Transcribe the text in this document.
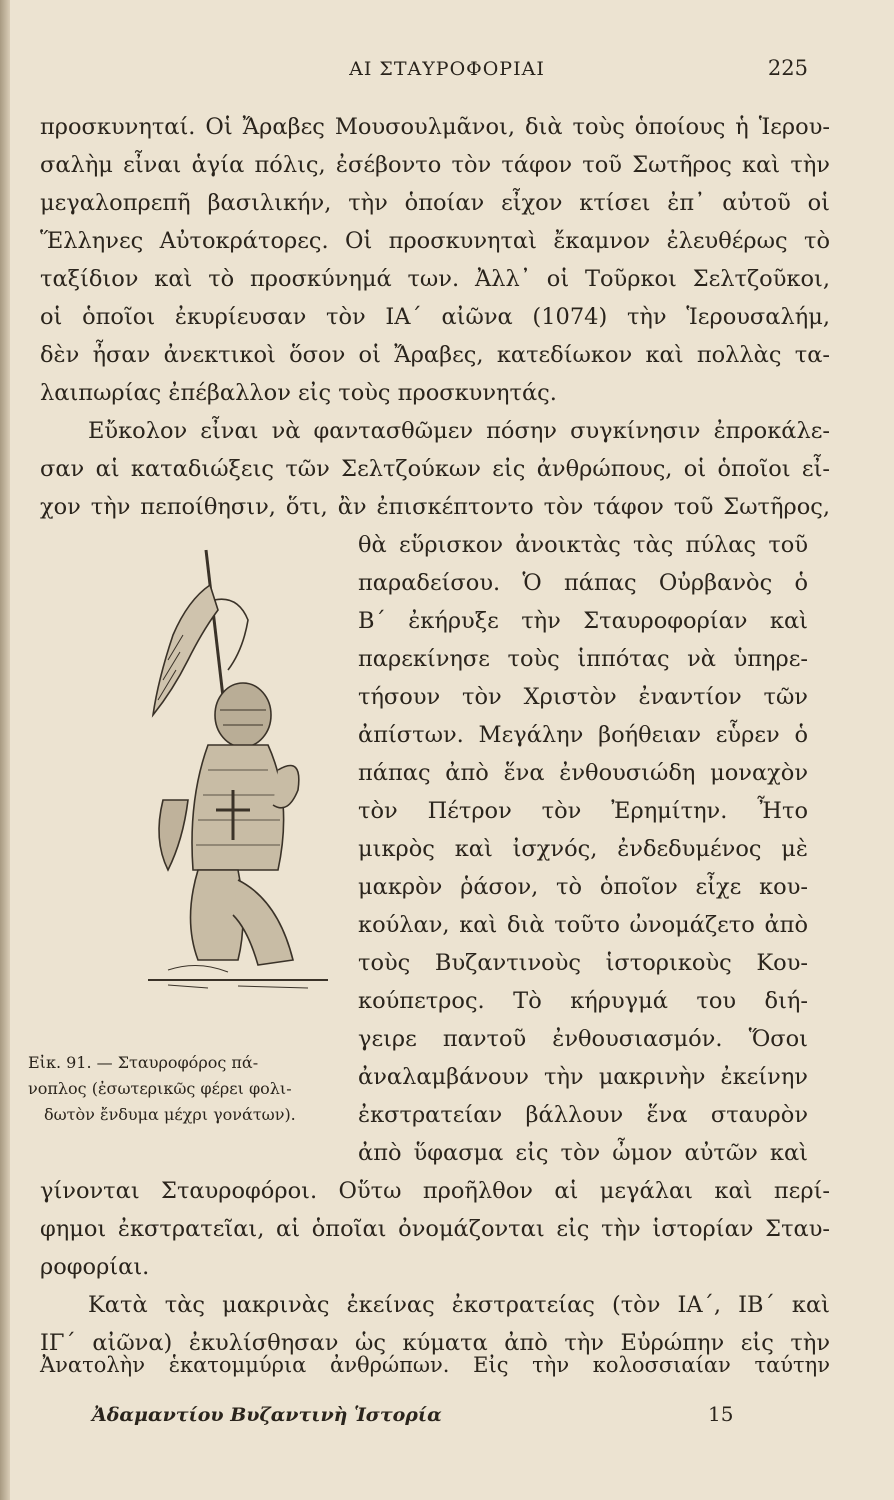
ΑΙ ΣΤΑΥΡΟΦΟΡΙΑΙ	225
προσκυνηταί. Οἱ Ἄραβες Μουσουλμᾶνοι, διὰ τοὺς ὁποίους ἡ Ἱερου-
σαλὴμ εἶναι ἁγία πόλις, ἐσέβοντο τὸν τάφον τοῦ Σωτῆρος καὶ τὴν
μεγαλοπρεπῆ βασιλικήν, τὴν ὁποίαν εἶχον κτίσει ἐπ᾽ αὐτοῦ οἱ
Ἕλληνες Αὐτοκράτορες. Οἱ προσκυνηταὶ ἔκαμνον ἐλευθέρως τὸ
ταξίδιον καὶ τὸ προσκύνημά των. Ἀλλ᾽ οἱ Τοῦρκοι Σελτζοῦκοι,
οἱ ὁποῖοι ἐκυρίευσαν τὸν ΙΑ´ αἰῶνα (1074) τὴν Ἱερουσαλήμ,
δὲν ἦσαν ἀνεκτικοὶ ὅσον οἱ Ἄραβες, κατεδίωκον καὶ πολλὰς τα-
λαιπωρίας ἐπέβαλλον εἰς τοὺς προσκυνητάς.
Εὔκολον εἶναι νὰ φαντασθῶμεν πόσην συγκίνησιν ἐπροκάλε-
σαν αἱ καταδιώξεις τῶν Σελτζούκων εἰς ἀνθρώπους, οἱ ὁποῖοι εἶ-
χον τὴν πεποίθησιν, ὅτι, ἂν ἐπισκέπτοντο τὸν τάφον τοῦ Σωτῆρος,
θὰ εὕρισκον ἀνοικτὰς τὰς πύλας τοῦ
παραδείσου. Ὁ πάπας Οὐρβανὸς ὁ
Β´ ἐκήρυξε τὴν Σταυροφορίαν καὶ
παρεκίνησε τοὺς ἱππότας νὰ ὑπηρε-
τήσουν τὸν Χριστὸν ἐναντίον τῶν
ἀπίστων. Μεγάλην βοήθειαν εὗρεν ὁ
πάπας ἀπὸ ἕνα ἐνθουσιώδη μοναχὸν
τὸν Πέτρον τὸν Ἐρημίτην. Ἦτο
μικρὸς καὶ ἰσχνός, ἐνδεδυμένος μὲ
μακρὸν ῥάσον, τὸ ὁποῖον εἶχε κου-
κούλαν, καὶ διὰ τοῦτο ὠνομάζετο ἀπὸ
τοὺς Βυζαντινοὺς ἱστορικοὺς Κου-
κούπετρος. Τὸ κήρυγμά του διή-
γειρε παντοῦ ἐνθουσιασμόν. Ὅσοι
ἀναλαμβάνουν τὴν μακρινὴν ἐκείνην
ἐκστρατείαν βάλλουν ἕνα σταυρὸν
ἀπὸ ὕφασμα εἰς τὸν ὦμον αὐτῶν καὶ
Εἰκ. 91. — Σταυροφόρος πά-
νοπλος (ἐσωτερικῶς φέρει φολι-
δωτὸν ἔνδυμα μέχρι γονάτων).
γίνονται Σταυροφόροι. Οὕτω προῆλθον αἱ μεγάλαι καὶ περί-
φημοι ἐκστρατεῖαι, αἱ ὁποῖαι ὀνομάζονται εἰς τὴν ἱστορίαν Σταυ-
ροφορίαι.
Κατὰ τὰς μακρινὰς ἐκείνας ἐκστρατείας (τὸν ΙΑ´, ΙΒ´ καὶ
ΙΓ´ αἰῶνα) ἐκυλίσθησαν ὡς κύματα ἀπὸ τὴν Εὐρώπην εἰς τὴν
Ἀνατολὴν ἑκατομμύρια ἀνθρώπων. Εἰς τὴν κολοσσιαίαν ταύτην
Ἀδαμαντίου Βυζαντινὴ Ἱστορία	15
